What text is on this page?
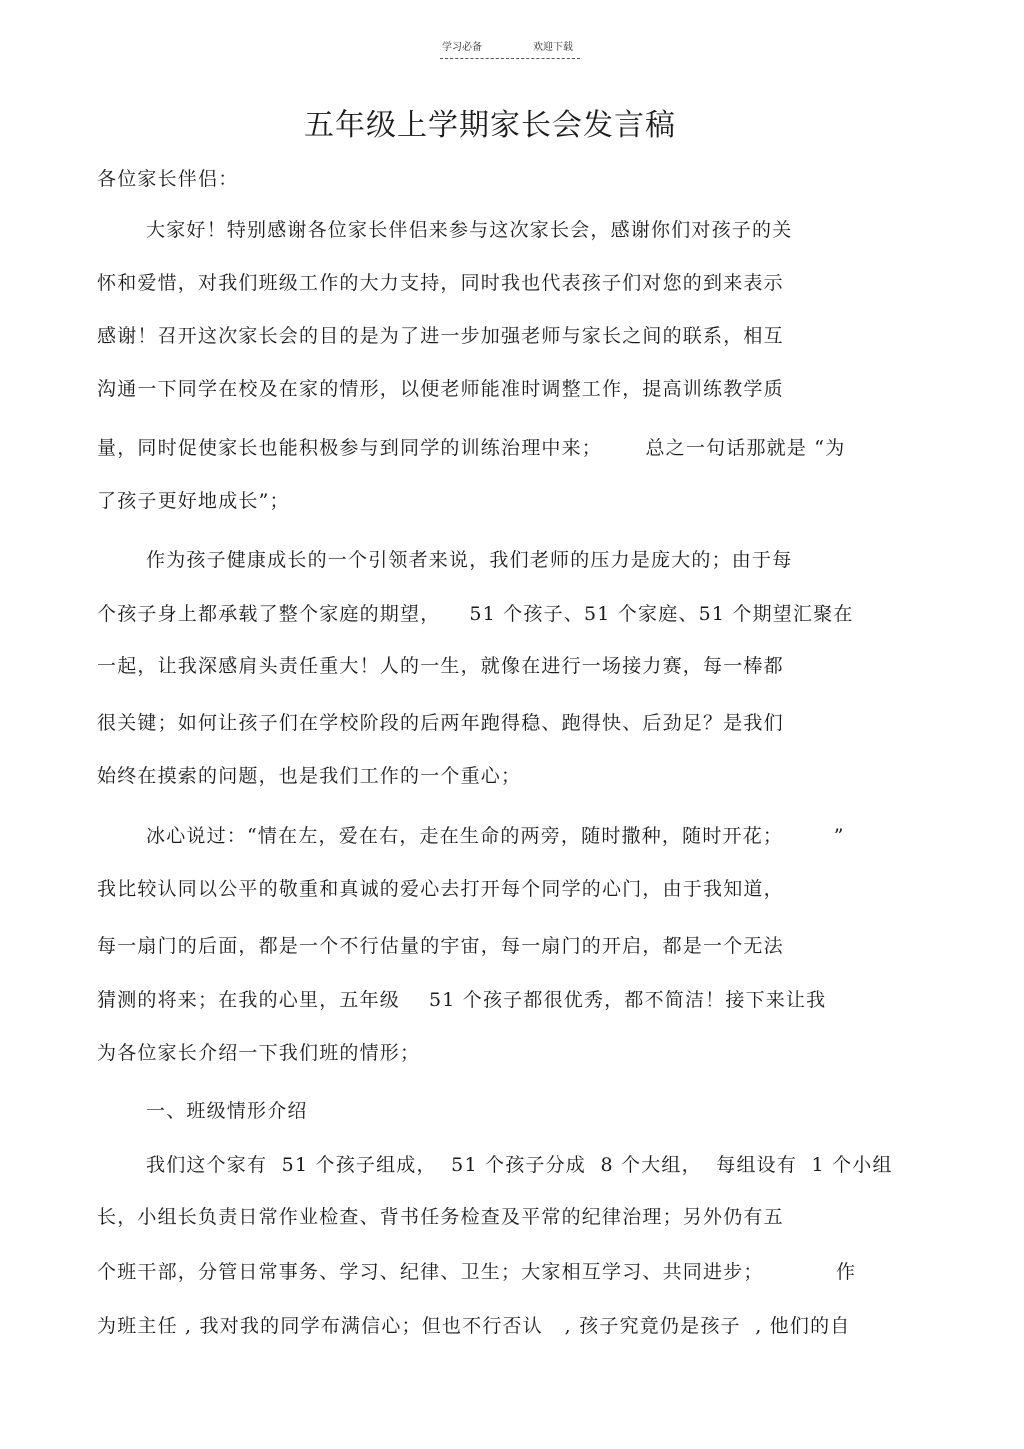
学习必备	欢迎下载
五年级上学期家长会发言稿
各位家长伴侣：
大家好！特别感谢各位家长伴侣来参与这次家长会，感谢你们对孩子的关
怀和爱惜，对我们班级工作的大力支持，同时我也代表孩子们对您的到来表示
感谢！召开这次家长会的目的是为了进一步加强老师与家长之间的联系，相互
沟通一下同学在校及在家的情形，以便老师能准时调整工作，提高训练教学质
量，同时促使家长也能积极参与到同学的训练治理中来；      总之一句话那就是 “为
了孩子更好地成长”；
作为孩子健康成长的一个引领者来说，我们老师的压力是庞大的；由于每
个孩子身上都承载了整个家庭的期望，    51 个孩子、51 个家庭、51 个期望汇聚在
一起，让我深感肩头责任重大！人的一生，就像在进行一场接力赛，每一棒都
很关键；如何让孩子们在学校阶段的后两年跑得稳、跑得快、后劲足？是我们
始终在摸索的问题，也是我们工作的一个重心；
冰心说过：“情在左，爱在右，走在生命的两旁，随时撒种，随时开花；       ”
我比较认同以公平的敬重和真诚的爱心去打开每个同学的心门，由于我知道，
每一扇门的后面，都是一个不行估量的宇宙，每一扇门的开启，都是一个无法
猜测的将来；在我的心里，五年级    51 个孩子都很优秀，都不简洁！接下来让我
为各位家长介绍一下我们班的情形；
一、班级情形介绍
我们这个家有  51 个孩子组成，  51 个孩子分成  8 个大组，  每组设有  1 个小组
长，小组长负责日常作业检查、背书任务检查及平常的纪律治理；另外仍有五
个班干部，分管日常事务、学习、纪律、卫生；大家相互学习、共同进步；          作
为班主任 , 我对我的同学布满信心；但也不行否认   , 孩子究竟仍是孩子  , 他们的自
